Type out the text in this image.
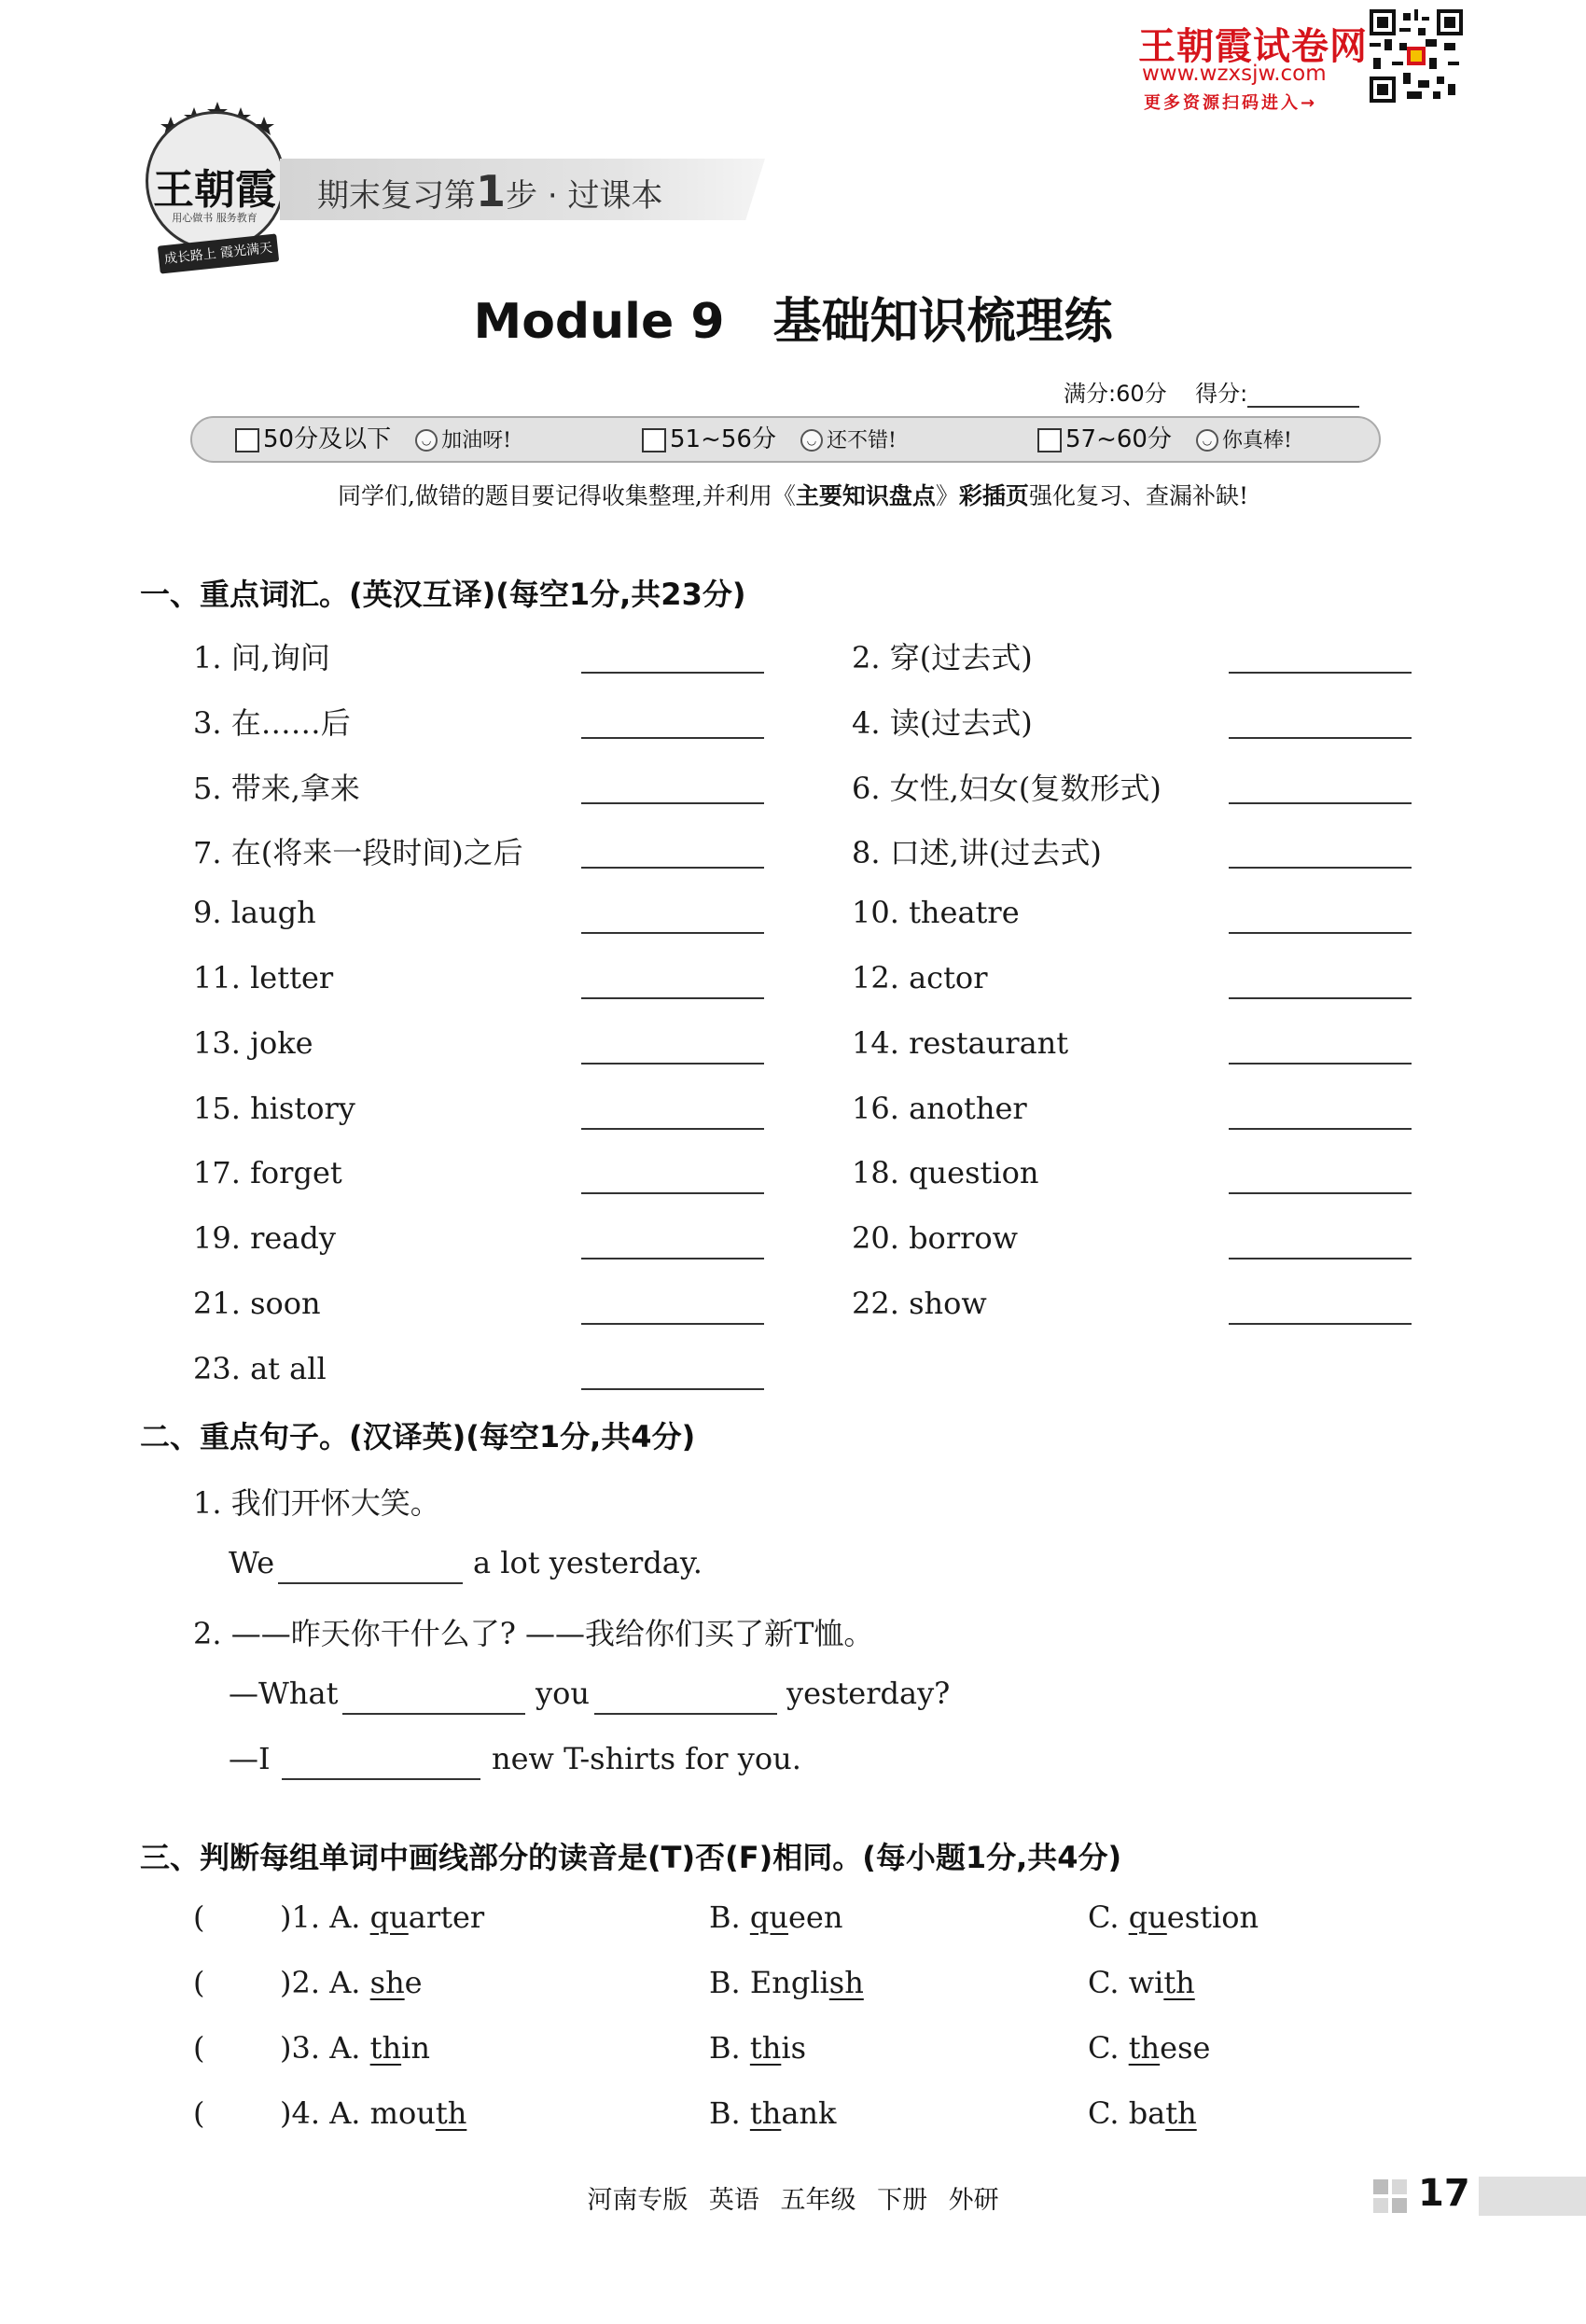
王朝霞试卷网
www.wzxsjw.com
更多资源扫码进入→
王朝霞
用心做书 服务教育
成长路上 霞光满天
期末复习第1步 · 过课本
Module 9　基础知识梳理练
满分:60分 得分:
50分及以下	◡ 加油呀!	51~56分	◡ 还不错!	57~60分	◡ 你真棒!
同学们,做错的题目要记得收集整理,并利用《主要知识盘点》彩插页强化复习、查漏补缺!
一、重点词汇。(英汉互译)(每空1分,共23分)
1. 问,询问	2. 穿(过去式)
3. 在……后	4. 读(过去式)
5. 带来,拿来	6. 女性,妇女(复数形式)
7. 在(将来一段时间)之后	8. 口述,讲(过去式)
9. laugh	10. theatre
11. letter	12. actor
13. joke	14. restaurant
15. history	16. another
17. forget	18. question
19. ready	20. borrow
21. soon	22. show
23. at all
二、重点句子。(汉译英)(每空1分,共4分)
1. 我们开怀大笑。
We	a lot yesterday.
2. ——昨天你干什么了? ——我给你们买了新T恤。
—What	you	yesterday?
—I	new T-shirts for you.
三、判断每组单词中画线部分的读音是(T)否(F)相同。(每小题1分,共4分)
(	)1. A. quarter	B. queen	C. question
(	)2. A. she	B. English	C. with
(	)3. A. thin	B. this	C. these
(	)4. A. mouth	B. thank	C. bath
河南专版 英语 五年级 下册 外研	17
